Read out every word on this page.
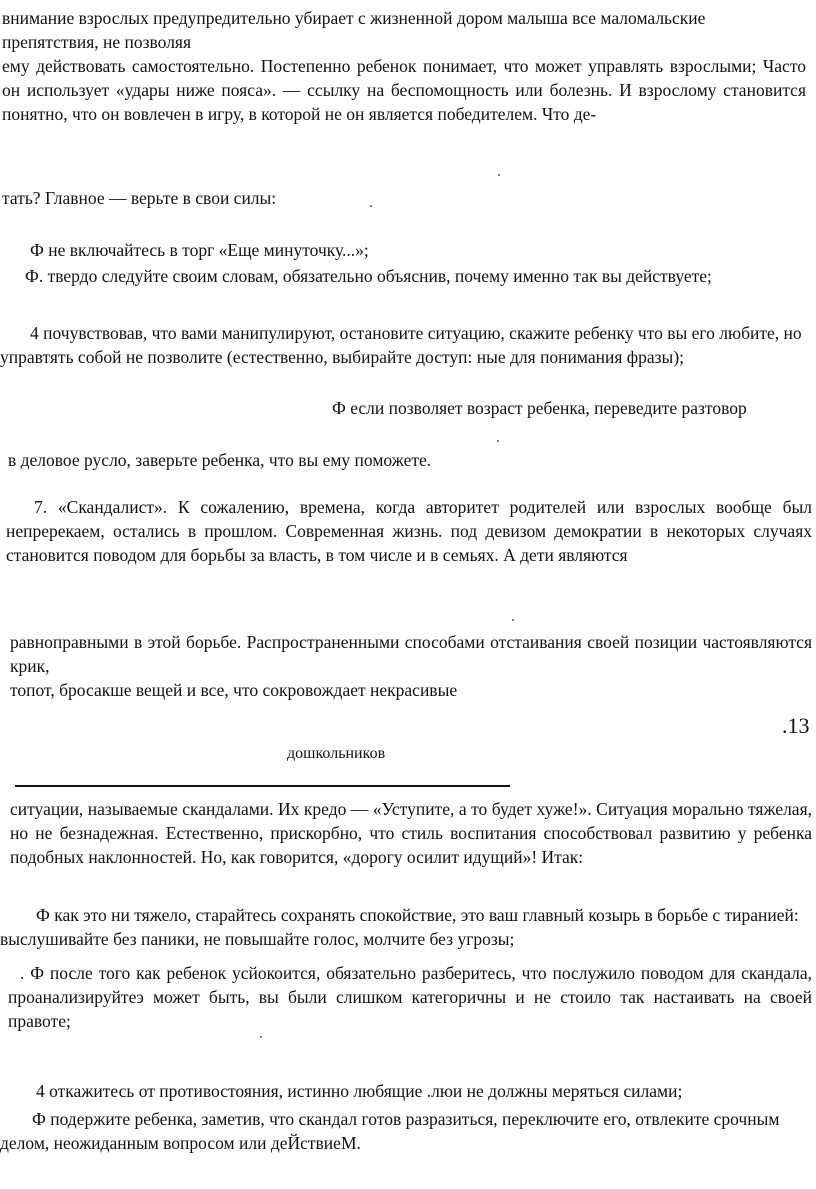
внимание взрослых предупредительно убирает с жизненной дором малыша все маломальские препятствия, не позволяя
ему действовать самостоятельно. Постепенно ребенок понимает, что может управлять взрослыми; Часто он использует «удары ниже пояса». — ссылку на беспомощность или болезнь. И взрослому становится понятно, что он вовлечен в игру, в которой не он является победителем. Что де-
тать? Главное — верьте в свои силы:
Ф не включайтесь в торг «Еще минуточку...»;
Ф. твердо следуйте своим словам, обязательно объяснив, почему именно так вы действуете;
4 почувствовав, что вами манипулируют, остановите ситуацию, скажите ребенку что вы его любите, но управтять собой не позволите (естественно, выбирайте доступ: ные для понимания фразы);
Ф если позволяет возраст ребенка, переведите разтовор
в деловое русло, заверьте ребенка, что вы ему поможете.
7. «Скандалист». К сожалению, времена, когда авторитет родителей или взрослых вообще был непререкаем, остались в прошлом. Современная жизнь. под девизом демократии в некоторых случаях становится поводом для борьбы за власть, в том числе и в семьях. А дети являются
равноправными в этой борьбе. Распространенными способами отстаивания своей позиции частоявляются крик,
топот, бросакше вещей и все, что сокровождает некрасивые
.13
дошкольников
ситуации, называемые скандалами. Их кредо — «Уступите, а то будет хуже!». Ситуация морально тяжелая, но не безнадежная. Естественно, прискорбно, что стиль воспитания способствовал развитию у ребенка подобных наклонностей. Но, как говорится, «дорогу осилит идущий»! Итак:
Ф как это ни тяжело, старайтесь сохранять спокойствие, это ваш главный козырь в борьбе с тиранией: выслушивайте без паники, не повышайте голос, молчите без угрозы;
. Ф после того как ребенок усйокоится, обязательно разберитесь, что послужило поводом для скандала, проанализируйтеэ может быть, вы были слишком категоричны и не стоило так настаивать на своей правоте;
4 откажитесь от противостояния, истинно любящие .люи не должны меряться силами;
Ф подержите ребенка, заметив, что скандал готов разразиться, переключите его, отвлеките срочным делом, неожиданным вопросом или деЙствиеМ.
